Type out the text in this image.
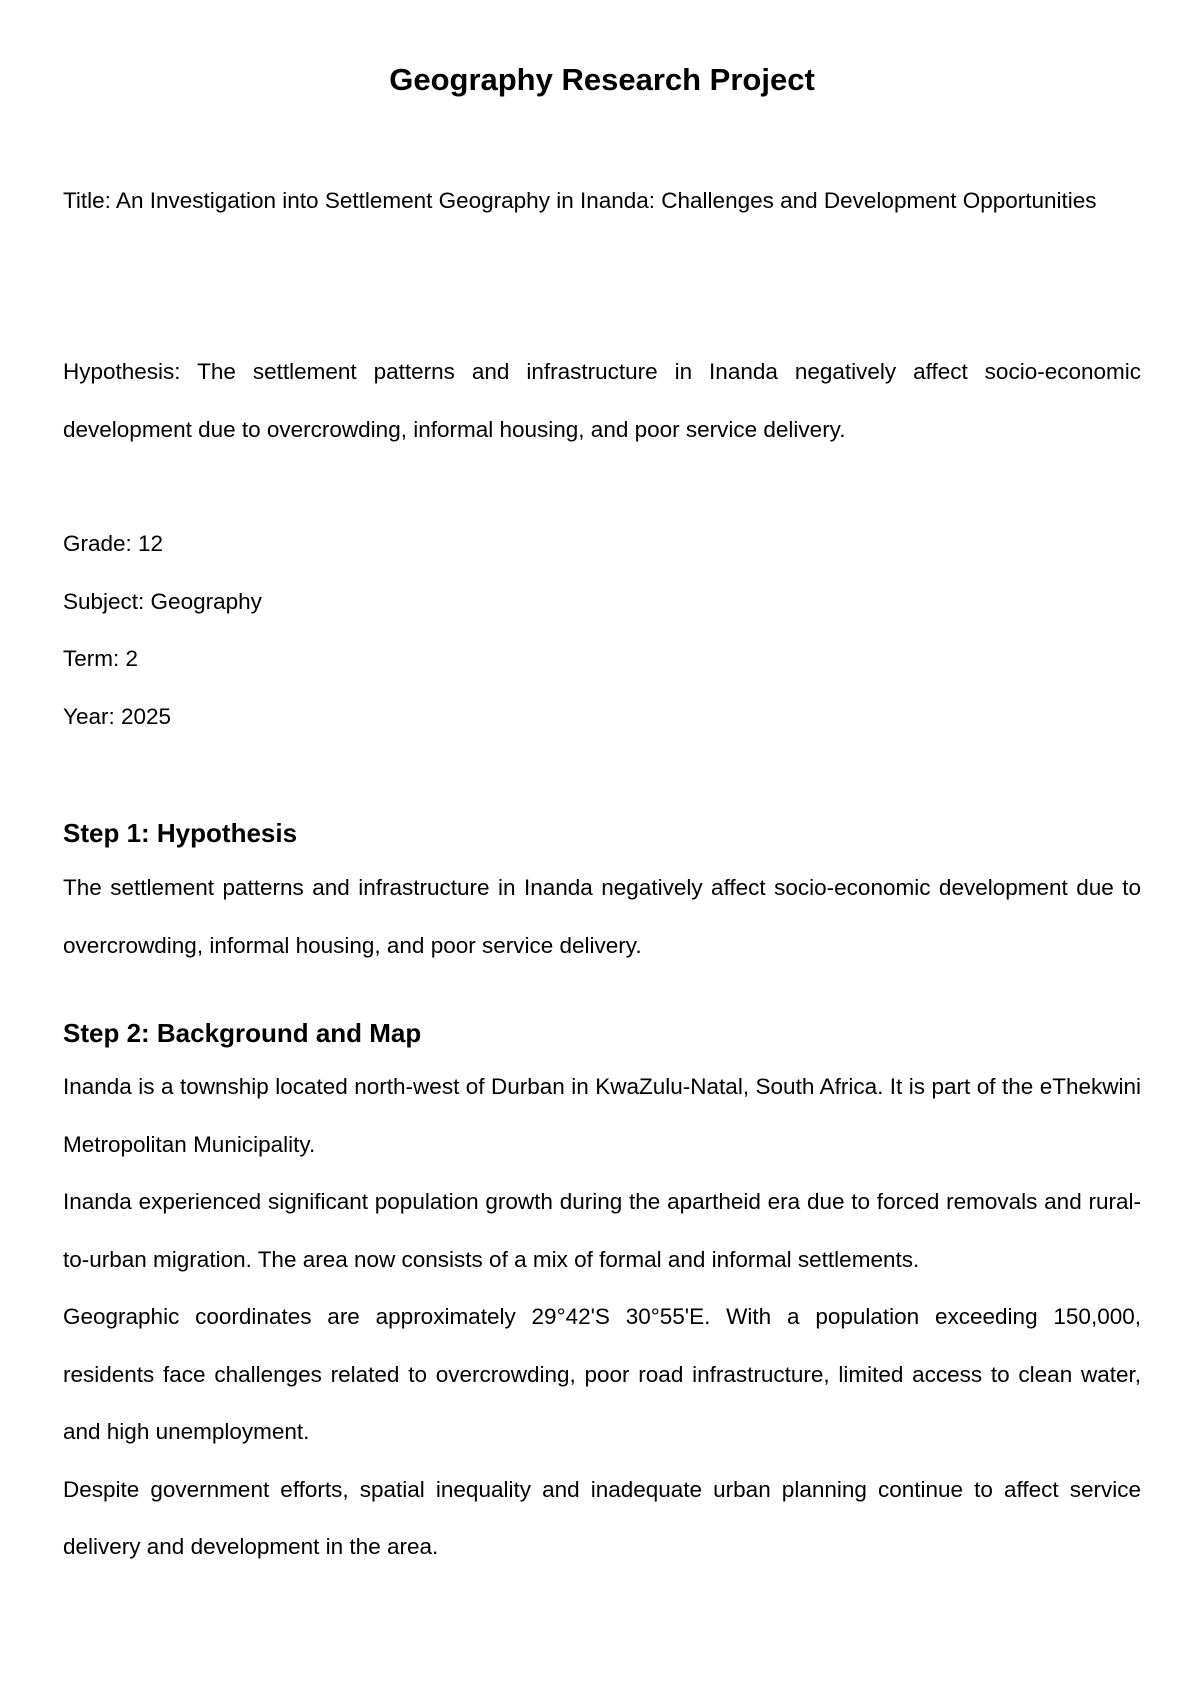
Geography Research Project

Title: An Investigation into Settlement Geography in Inanda: Challenges and Development Opportunities

Hypothesis: The settlement patterns and infrastructure in Inanda negatively affect socio-economic development due to overcrowding, informal housing, and poor service delivery.

Grade: 12

Subject: Geography

Term: 2

Year: 2025

Step 1: Hypothesis

The settlement patterns and infrastructure in Inanda negatively affect socio-economic development due to overcrowding, informal housing, and poor service delivery.

Step 2: Background and Map

Inanda is a township located north-west of Durban in KwaZulu-Natal, South Africa. It is part of the eThekwini Metropolitan Municipality.

Inanda experienced significant population growth during the apartheid era due to forced removals and rural-to-urban migration. The area now consists of a mix of formal and informal settlements.

Geographic coordinates are approximately 29°42'S 30°55'E. With a population exceeding 150,000, residents face challenges related to overcrowding, poor road infrastructure, limited access to clean water, and high unemployment.

Despite government efforts, spatial inequality and inadequate urban planning continue to affect service delivery and development in the area.
